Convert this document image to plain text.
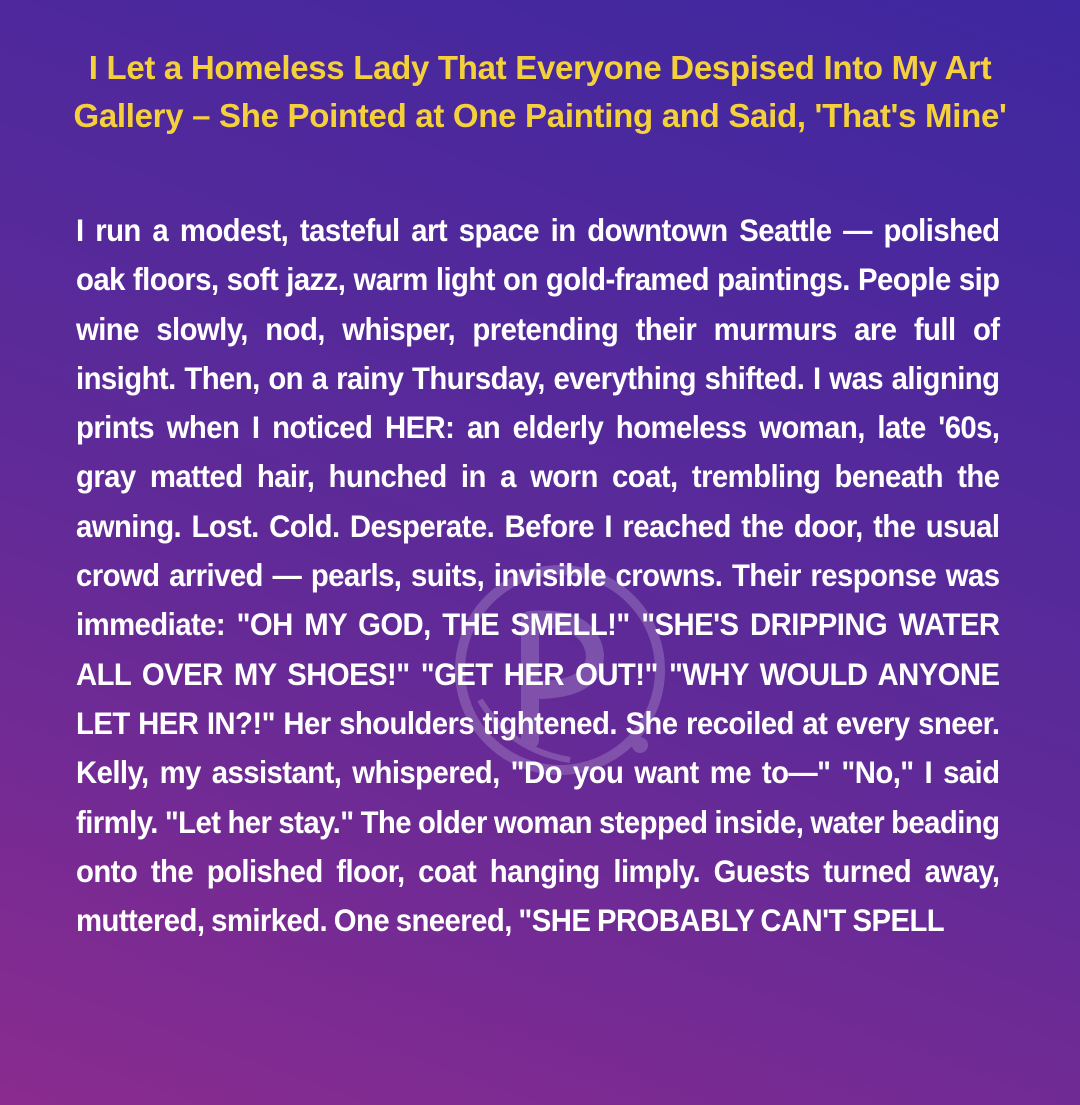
I Let a Homeless Lady That Everyone Despised Into My Art Gallery – She Pointed at One Painting and Said, 'That's Mine'

I run a modest, tasteful art space in downtown Seattle — polished oak floors, soft jazz, warm light on gold-framed paintings. People sip wine slowly, nod, whisper, pretending their murmurs are full of insight. Then, on a rainy Thursday, everything shifted. I was aligning prints when I noticed HER: an elderly homeless woman, late '60s, gray matted hair, hunched in a worn coat, trembling beneath the awning. Lost. Cold. Desperate. Before I reached the door, the usual crowd arrived — pearls, suits, invisible crowns. Their response was immediate: "OH MY GOD, THE SMELL!" "SHE'S DRIPPING WATER ALL OVER MY SHOES!" "GET HER OUT!" "WHY WOULD ANYONE LET HER IN?!" Her shoulders tightened. She recoiled at every sneer. Kelly, my assistant, whispered, "Do you want me to—" "No," I said firmly. "Let her stay." The older woman stepped inside, water beading onto the polished floor, coat hanging limply. Guests turned away, muttered, smirked. One sneered, "SHE PROBABLY CAN'T SPELL
